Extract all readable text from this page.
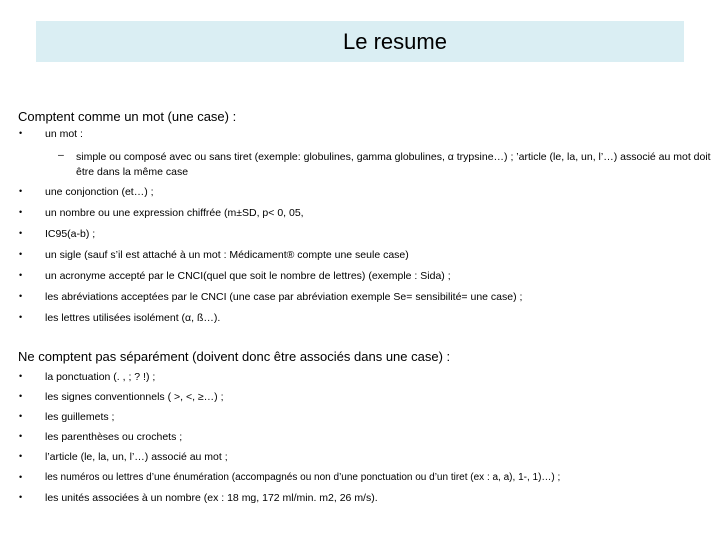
Le resume
Comptent comme un mot (une case) :
• un mot :
– simple ou composé avec ou sans tiret (exemple: globulines, gamma globulines, α trypsine…) ; ’article (le, la, un, l’…) associé au mot doit être dans la même case
• une conjonction (et…) ;
• un nombre ou une expression chiffrée (m±SD, p< 0, 05,
• IC95(a-b) ;
• un sigle (sauf s’il est attaché à un mot : Médicament® compte une seule case)
• un acronyme accepté par le CNCI(quel que soit le nombre de lettres) (exemple : Sida) ;
• les abréviations acceptées par le CNCI (une case par abréviation exemple Se= sensibilité= une case) ;
• les lettres utilisées isolément (α, ß…).
Ne comptent pas séparément (doivent donc être associés dans une case) :
• la ponctuation (. , ; ? !) ;
• les signes conventionnels ( >, <, ≥…) ;
• les guillemets ;
• les parenthèses ou crochets ;
• l’article (le, la, un, l’…) associé au mot ;
• les numéros ou lettres d’une énumération (accompagnés ou non d’une ponctuation ou d’un tiret (ex : a, a), 1-, 1)…) ;
• les unités associées à un nombre (ex : 18 mg, 172 ml/min. m2, 26 m/s).
